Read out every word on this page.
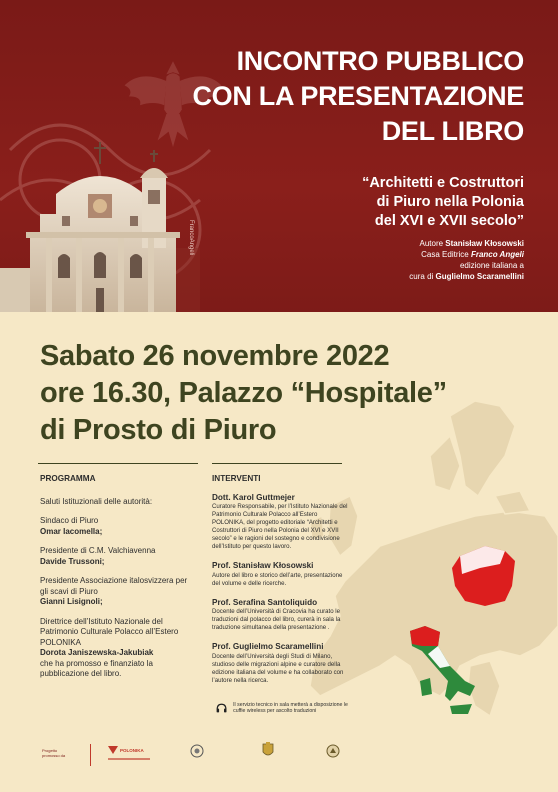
FrancoAngeli
INCONTRO PUBBLICO
CON LA PRESENTAZIONE
DEL LIBRO
“Architetti e Costruttori
di Piuro nella Polonia
del XVI e XVII secolo”
Autore Stanisław Kłosowski
Casa Editrice Franco Angeli
edizione italiana a
cura di Guglielmo Scaramellini
Sabato 26 novembre 2022
ore 16.30, Palazzo “Hospitale”
di Prosto di Piuro
PROGRAMMA
Saluti Istituzionali delle autorità:
Sindaco di Piuro
Omar Iacomella;
Presidente di C.M. Valchiavenna
Davide Trussoni;
Presidente Associazione italosvizzera per gli scavi di Piuro
Gianni Lisignoli;
Direttrice dell’Istituto Nazionale del Patrimonio Culturale Polacco all’Estero POLONIKA
Dorota Janiszewska-Jakubiak
che ha promosso e finanziato la pubblicazione del libro.
INTERVENTI
Dott. Karol Guttmejer
Curatore Responsabile, per l’Istituto Nazionale del Patrimonio Culturale Polacco all’Estero POLONIKA, del progetto editoriale “Architetti e Costruttori di Piuro nella Polonia del XVI e XVII secolo” e le ragioni del sostegno e condivisione dell’Istituto per questo lavoro.
Prof. Stanisław Kłosowski
Autore del libro e storico dell’arte, presentazione del volume e delle ricerche.
Prof. Serafina Santoliquido
Docente dell’Università di Cracovia ha curato le traduzioni dal polacco del libro, curerà in sala la traduzione simultanea della presentazione .
Prof. Guglielmo Scaramellini
Docente dell’Università degli Studi di Milano, studioso delle migrazioni alpine e curatore della edizione italiana del volume e ha collaborato con l’autore nella ricerca.
Il servizio tecnico in sala metterà a disposizione le cuffie wireless per ascolto traduzioni
Progetto promosso da
POLONIKA
